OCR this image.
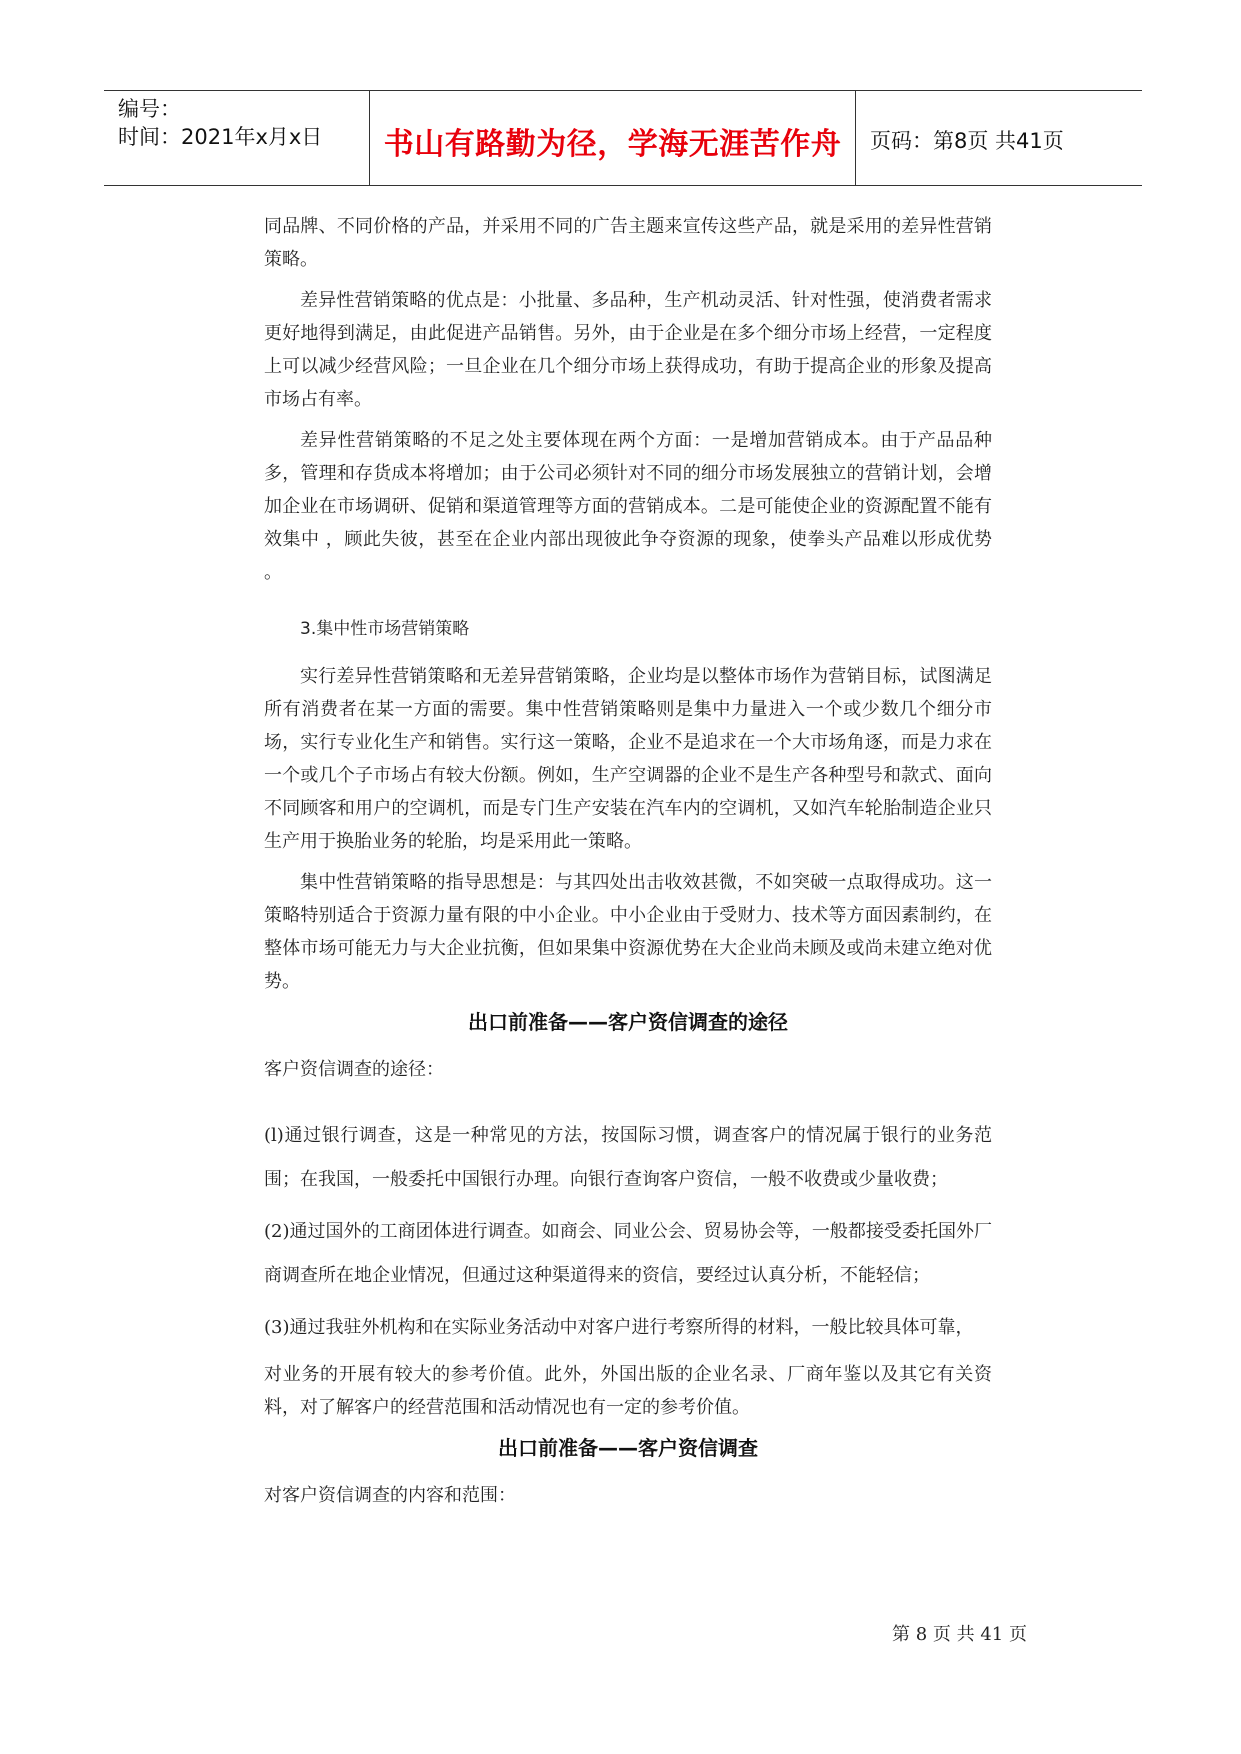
编号：
时间：2021年x月x日	书山有路勤为径，学海无涯苦作舟	页码：第8页 共41页

同品牌、不同价格的产品，并采用不同的广告主题来宣传这些产品，就是采用的差异性营销策略。

差异性营销策略的优点是：小批量、多品种，生产机动灵活、针对性强，使消费者需求更好地得到满足，由此促进产品销售。另外，由于企业是在多个细分市场上经营，一定程度上可以减少经营风险；一旦企业在几个细分市场上获得成功，有助于提高企业的形象及提高市场占有率。

差异性营销策略的不足之处主要体现在两个方面：一是增加营销成本。由于产品品种多，管理和存货成本将增加；由于公司必须针对不同的细分市场发展独立的营销计划，会增加企业在市场调研、促销和渠道管理等方面的营销成本。二是可能使企业的资源配置不能有效集中 ，顾此失彼，甚至在企业内部出现彼此争夺资源的现象，使拳头产品难以形成优势 。

3.集中性市场营销策略

实行差异性营销策略和无差异营销策略，企业均是以整体市场作为营销目标，试图满足所有消费者在某一方面的需要。集中性营销策略则是集中力量进入一个或少数几个细分市场，实行专业化生产和销售。实行这一策略，企业不是追求在一个大市场角逐，而是力求在一个或几个子市场占有较大份额。例如，生产空调器的企业不是生产各种型号和款式、面向不同顾客和用户的空调机，而是专门生产安装在汽车内的空调机，又如汽车轮胎制造企业只生产用于换胎业务的轮胎，均是采用此一策略。

集中性营销策略的指导思想是：与其四处出击收效甚微，不如突破一点取得成功。这一策略特别适合于资源力量有限的中小企业。中小企业由于受财力、技术等方面因素制约，在整体市场可能无力与大企业抗衡，但如果集中资源优势在大企业尚未顾及或尚未建立绝对优势。

出口前准备——客户资信调查的途径

客户资信调查的途径：

(l)通过银行调查，这是一种常见的方法，按国际习惯，调查客户的情况属于银行的业务范围；在我国，一般委托中国银行办理。向银行查询客户资信，一般不收费或少量收费；

(2)通过国外的工商团体进行调查。如商会、同业公会、贸易协会等，一般都接受委托国外厂商调查所在地企业情况，但通过这种渠道得来的资信，要经过认真分析，不能轻信；

(3)通过我驻外机构和在实际业务活动中对客户进行考察所得的材料，一般比较具体可靠，

对业务的开展有较大的参考价值。此外，外国出版的企业名录、厂商年鉴以及其它有关资料，对了解客户的经营范围和活动情况也有一定的参考价值。

出口前准备——客户资信调查

对客户资信调查的内容和范围：

第 8 页 共 41 页
